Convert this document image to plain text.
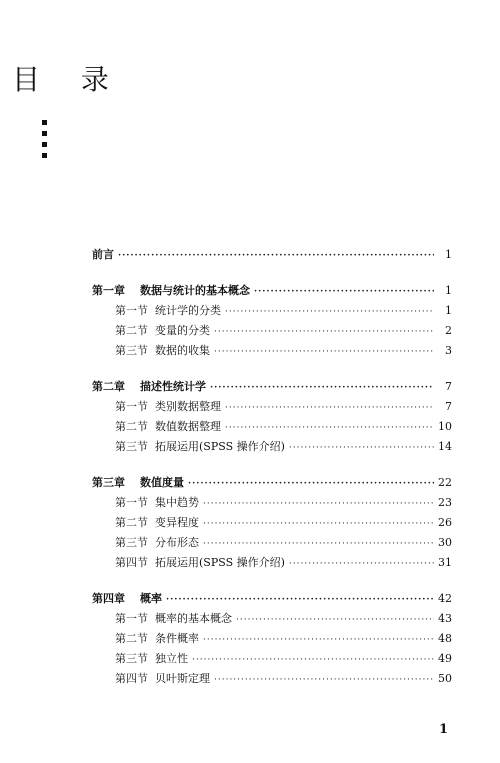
目 录
前言 ·····	1
第一章	数据与统计的基本概念 ·····	1
第一节 统计学的分类 ·····	1
第二节 变量的分类 ·····	2
第三节 数据的收集 ·····	3
第二章	描述性统计学 ·····	7
第一节 类别数据整理 ·····	7
第二节 数值数据整理 ·····	10
第三节 拓展运用(SPSS 操作介绍) ·····	14
第三章	数值度量 ·····	22
第一节 集中趋势 ·····	23
第二节 变异程度 ·····	26
第三节 分布形态 ·····	30
第四节 拓展运用(SPSS 操作介绍) ·····	31
第四章	概率 ·····	42
第一节 概率的基本概念 ·····	43
第二节 条件概率 ·····	48
第三节 独立性 ·····	49
第四节 贝叶斯定理 ·····	50
1
